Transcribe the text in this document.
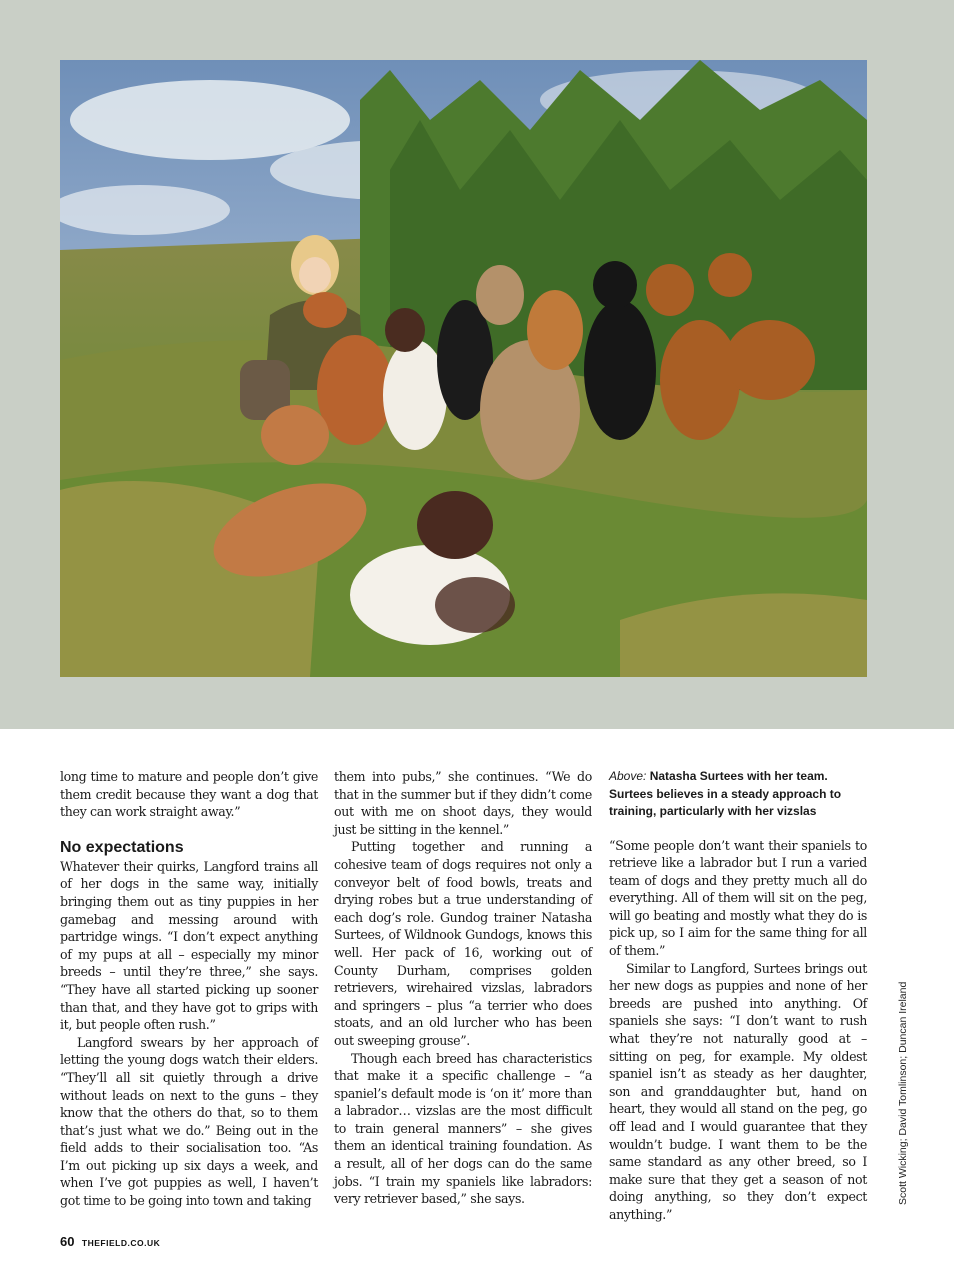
long time to mature and people don’t give them credit because they want a dog that they can work straight away.”

No expectations

Whatever their quirks, Langford trains all of her dogs in the same way, initially bringing them out as tiny puppies in her gamebag and messing around with partridge wings. “I don’t expect anything of my pups at all – especially my minor breeds – until they’re three,” she says. “They have all started picking up sooner than that, and they have got to grips with it, but people often rush.”

Langford swears by her approach of letting the young dogs watch their elders. “They’ll all sit quietly through a drive without leads on next to the guns – they know that the others do that, so to them that’s just what we do.” Being out in the field adds to their socialisation too. “As I’m out picking up six days a week, and when I’ve got puppies as well, I haven’t got time to be going into town and taking

them into pubs,” she continues. “We do that in the summer but if they didn’t come out with me on shoot days, they would just be sitting in the kennel.”

Putting together and running a cohesive team of dogs requires not only a conveyor belt of food bowls, treats and drying robes but a true understanding of each dog’s role. Gundog trainer Natasha Surtees, of Wildnook Gundogs, knows this well. Her pack of 16, working out of County Durham, comprises golden retrievers, wirehaired vizslas, labradors and springers – plus “a terrier who does stoats, and an old lurcher who has been out sweeping grouse”.

Though each breed has characteristics that make it a specific challenge – “a spaniel’s default mode is ‘on it’ more than a labrador… vizslas are the most difficult to train general manners” – she gives them an identical training foundation. As a result, all of her dogs can do the same jobs. “I train my spaniels like labradors: very retriever based,” she says.

Above: Natasha Surtees with her team. Surtees believes in a steady approach to training, particularly with her vizslas

“Some people don’t want their spaniels to retrieve like a labrador but I run a varied team of dogs and they pretty much all do everything. All of them will sit on the peg, will go beating and mostly what they do is pick up, so I aim for the same thing for all of them.”

Similar to Langford, Surtees brings out her new dogs as puppies and none of her breeds are pushed into anything. Of spaniels she says: “I don’t want to rush what they’re not naturally good at – sitting on peg, for example. My oldest spaniel isn’t as steady as her daughter, son and granddaughter but, hand on heart, they would all stand on the peg, go off lead and I would guarantee that they wouldn’t budge. I want them to be the same standard as any other breed, so I make sure that they get a season of not doing anything, so they don’t expect anything.”

Scott Wicking; David Tomlinson; Duncan Ireland
60 THEFIELD.CO.UK
